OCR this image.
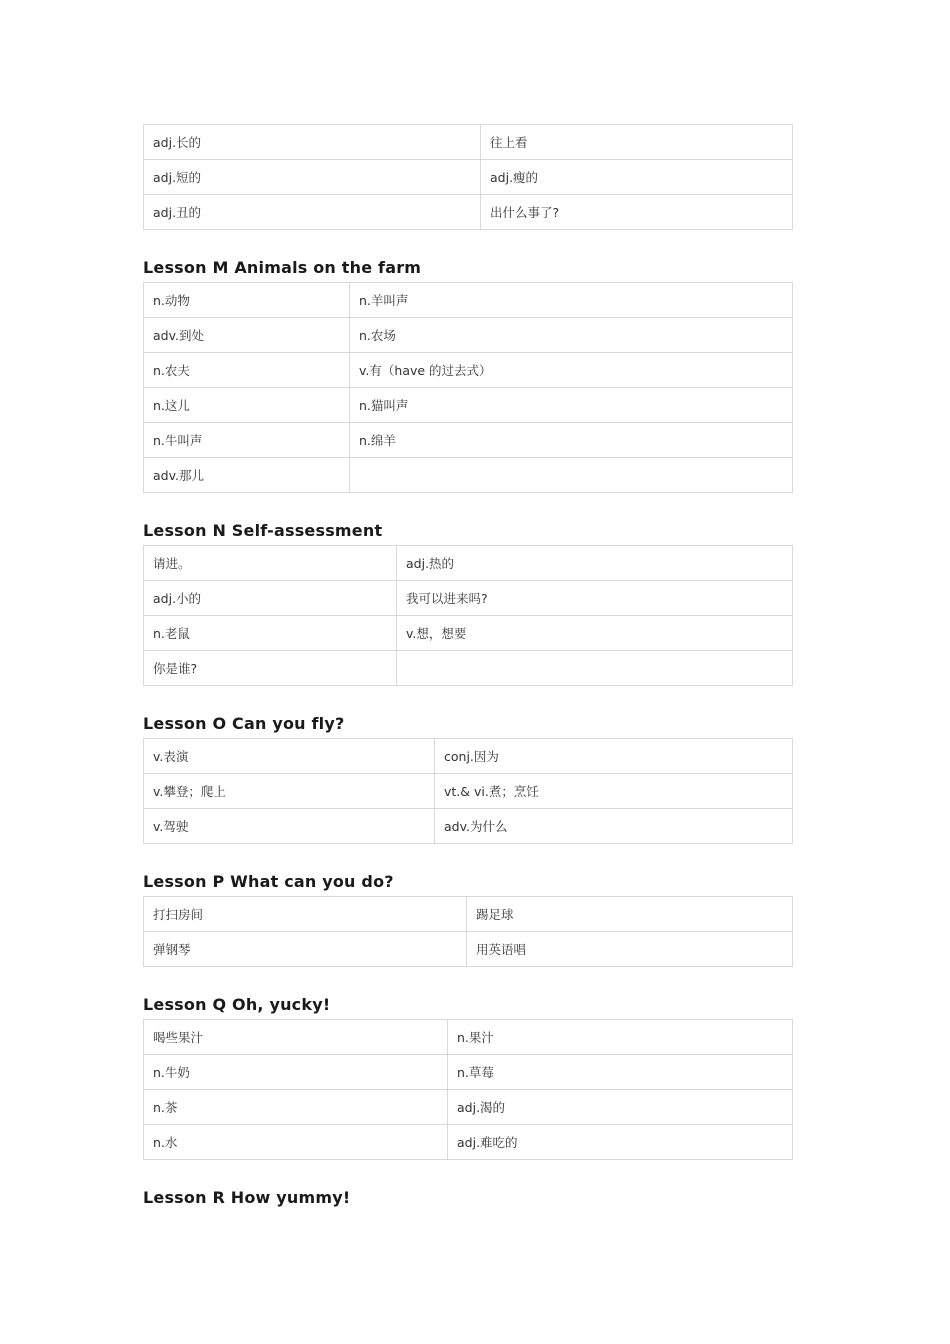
adj.长的	往上看
adj.短的	adj.瘦的
adj.丑的	出什么事了?
Lesson M Animals on the farm
n.动物	n.羊叫声
adv.到处	n.农场
n.农夫	v.有（have 的过去式）
n.这儿	n.猫叫声
n.牛叫声	n.绵羊
adv.那儿	
Lesson N Self-assessment
请进。	adj.热的
adj.小的	我可以进来吗?
n.老鼠	v.想，想要
你是谁?	
Lesson O Can you fly?
v.表演	conj.因为
v.攀登；爬上	vt.& vi.煮；烹饪
v.驾驶	adv.为什么
Lesson P What can you do?
打扫房间	踢足球
弹钢琴	用英语唱
Lesson Q Oh, yucky!
喝些果汁	n.果汁
n.牛奶	n.草莓
n.茶	adj.渴的
n.水	adj.难吃的
Lesson R How yummy!
